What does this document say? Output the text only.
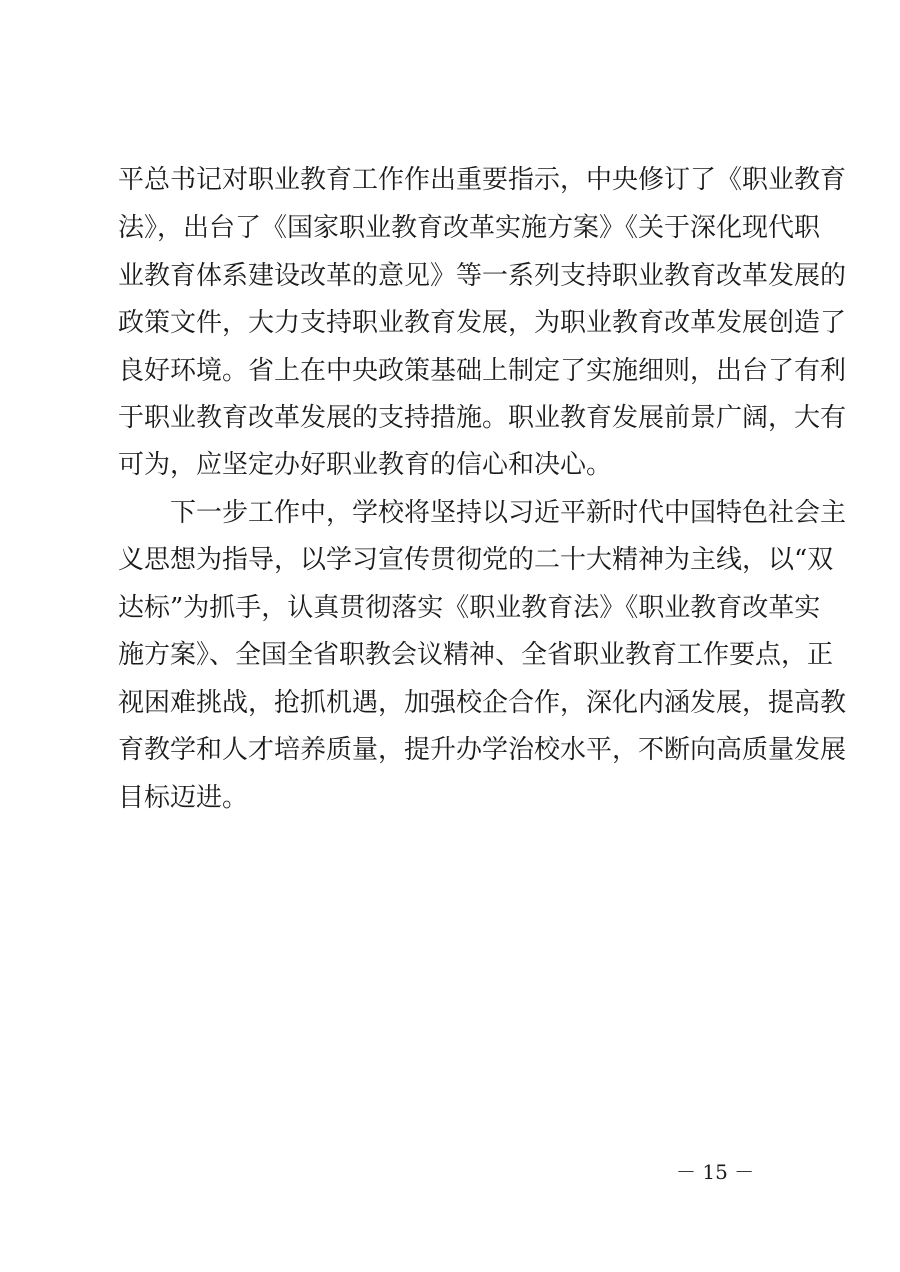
平总书记对职业教育工作作出重要指示，中央修订了《职业教育
法》，出台了《国家职业教育改革实施方案》《关于深化现代职
业教育体系建设改革的意见》等一系列支持职业教育改革发展的
政策文件，大力支持职业教育发展，为职业教育改革发展创造了
良好环境。省上在中央政策基础上制定了实施细则，出台了有利
于职业教育改革发展的支持措施。职业教育发展前景广阔，大有
可为，应坚定办好职业教育的信心和决心。
下一步工作中，学校将坚持以习近平新时代中国特色社会主
义思想为指导，以学习宣传贯彻党的二十大精神为主线，以“双
达标”为抓手，认真贯彻落实《职业教育法》《职业教育改革实
施方案》、全国全省职教会议精神、全省职业教育工作要点，正
视困难挑战，抢抓机遇，加强校企合作，深化内涵发展，提高教
育教学和人才培养质量，提升办学治校水平，不断向高质量发展
目标迈进。
－ 15 －
